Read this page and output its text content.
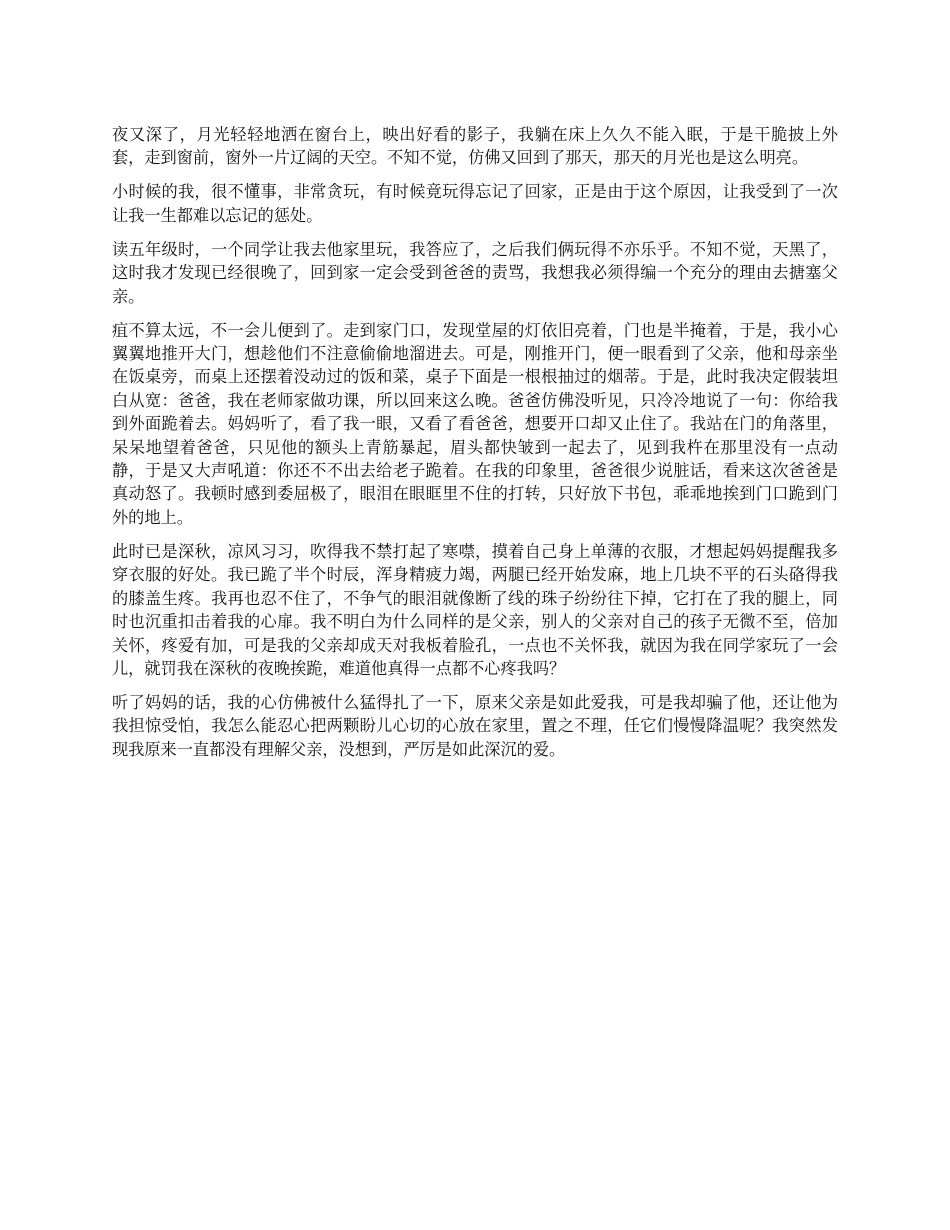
夜又深了，月光轻轻地洒在窗台上，映出好看的影子，我躺在床上久久不能入眠，于是干脆披上外套，走到窗前，窗外一片辽阔的天空。不知不觉，仿佛又回到了那天，那天的月光也是这么明亮。

小时候的我，很不懂事，非常贪玩，有时候竟玩得忘记了回家，正是由于这个原因，让我受到了一次让我一生都难以忘记的惩处。

读五年级时，一个同学让我去他家里玩，我答应了，之后我们俩玩得不亦乐乎。不知不觉，天黑了，这时我才发现已经很晚了，回到家一定会受到爸爸的责骂，我想我必须得编一个充分的理由去搪塞父亲。

疽不算太远，不一会儿便到了。走到家门口，发现堂屋的灯依旧亮着，门也是半掩着，于是，我小心翼翼地推开大门，想趁他们不注意偷偷地溜进去。可是，刚推开门，便一眼看到了父亲，他和母亲坐在饭桌旁，而桌上还摆着没动过的饭和菜，桌子下面是一根根抽过的烟蒂。于是，此时我决定假装坦白从宽：爸爸，我在老师家做功课，所以回来这么晚。爸爸仿佛没听见，只冷冷地说了一句：你给我到外面跪着去。妈妈听了，看了我一眼，又看了看爸爸，想要开口却又止住了。我站在门的角落里，呆呆地望着爸爸，只见他的额头上青筋暴起，眉头都快皱到一起去了，见到我杵在那里没有一点动静，于是又大声吼道：你还不不出去给老子跪着。在我的印象里，爸爸很少说脏话，看来这次爸爸是真动怒了。我顿时感到委屈极了，眼泪在眼眶里不住的打转，只好放下书包，乖乖地挨到门口跪到门外的地上。

此时已是深秋，凉风习习，吹得我不禁打起了寒噤，摸着自己身上单薄的衣服，才想起妈妈提醒我多穿衣服的好处。我已跪了半个时辰，浑身精疲力竭，两腿已经开始发麻，地上几块不平的石头硌得我的膝盖生疼。我再也忍不住了，不争气的眼泪就像断了线的珠子纷纷往下掉，它打在了我的腿上，同时也沉重扣击着我的心扉。我不明白为什么同样的是父亲，别人的父亲对自己的孩子无微不至，倍加关怀，疼爱有加，可是我的父亲却成天对我板着脸孔，一点也不关怀我，就因为我在同学家玩了一会儿，就罚我在深秋的夜晚挨跪，难道他真得一点都不心疼我吗？

听了妈妈的话，我的心仿佛被什么猛得扎了一下，原来父亲是如此爱我，可是我却骗了他，还让他为我担惊受怕，我怎么能忍心把两颗盼儿心切的心放在家里，置之不理，任它们慢慢降温呢？我突然发现我原来一直都没有理解父亲，没想到，严厉是如此深沉的爱。
